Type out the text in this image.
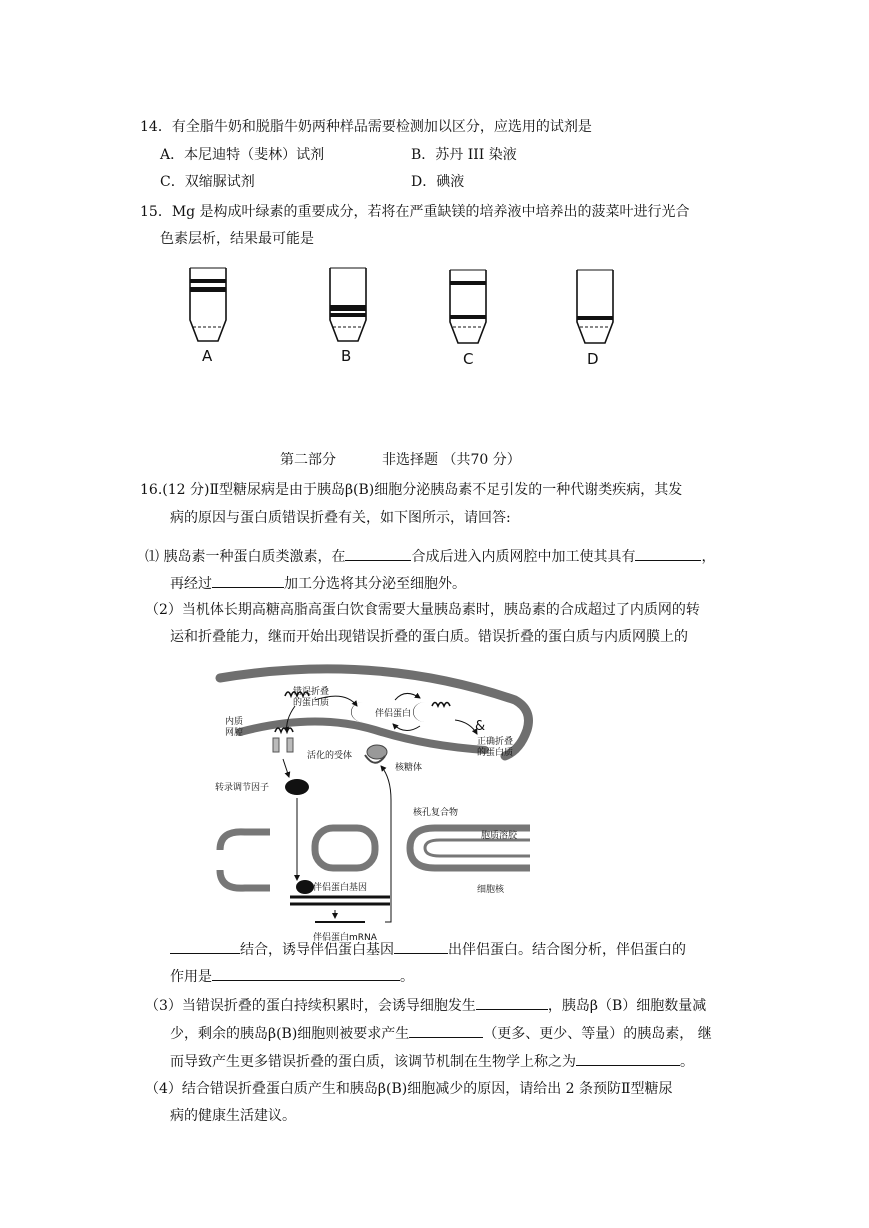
14．有全脂牛奶和脱脂牛奶两种样品需要检测加以区分，应选用的试剂是
A．本尼迪特（斐林）试剂	B．苏丹 III 染液
C．双缩脲试剂	D．碘液
15．Mg 是构成叶绿素的重要成分，若将在严重缺镁的培养液中培养出的菠菜叶进行光合
色素层析，结果最可能是
A	B	C	D
第二部分	非选择题 （共70 分）
16.(12 分)Ⅱ型糖尿病是由于胰岛β(B)细胞分泌胰岛素不足引发的一种代谢类疾病，其发
病的原因与蛋白质错误折叠有关，如下图所示，请回答:
⑴ 胰岛素一种蛋白质类激素，在	合成后进入内质网腔中加工使其具有	，
再经过	加工分选将其分泌至细胞外。
（2）当机体长期高糖高脂高蛋白饮食需要大量胰岛素时，胰岛素的合成超过了内质网的转
运和折叠能力，继而开始出现错误折叠的蛋白质。错误折叠的蛋白质与内质网膜上的
&
错误折叠
的蛋白质
伴侣蛋白
内质
网腔
活化的受体
正确折叠
的蛋白质
核糖体
转录调节因子
核孔复合物
胞质溶胶
伴侣蛋白基因	细胞核
伴侣蛋白mRNA
结合，诱导伴侣蛋白基因	出伴侣蛋白。结合图分析，伴侣蛋白的
作用是	。
（3）当错误折叠的蛋白持续积累时，会诱导细胞发生	，胰岛β（B）细胞数量减
少，剩余的胰岛β(B)细胞则被要求产生	（更多、更少、等量）的胰岛素， 继
而导致产生更多错误折叠的蛋白质，该调节机制在生物学上称之为	。
（4）结合错误折叠蛋白质产生和胰岛β(B)细胞减少的原因，请给出 2 条预防Ⅱ型糖尿
病的健康生活建议。
